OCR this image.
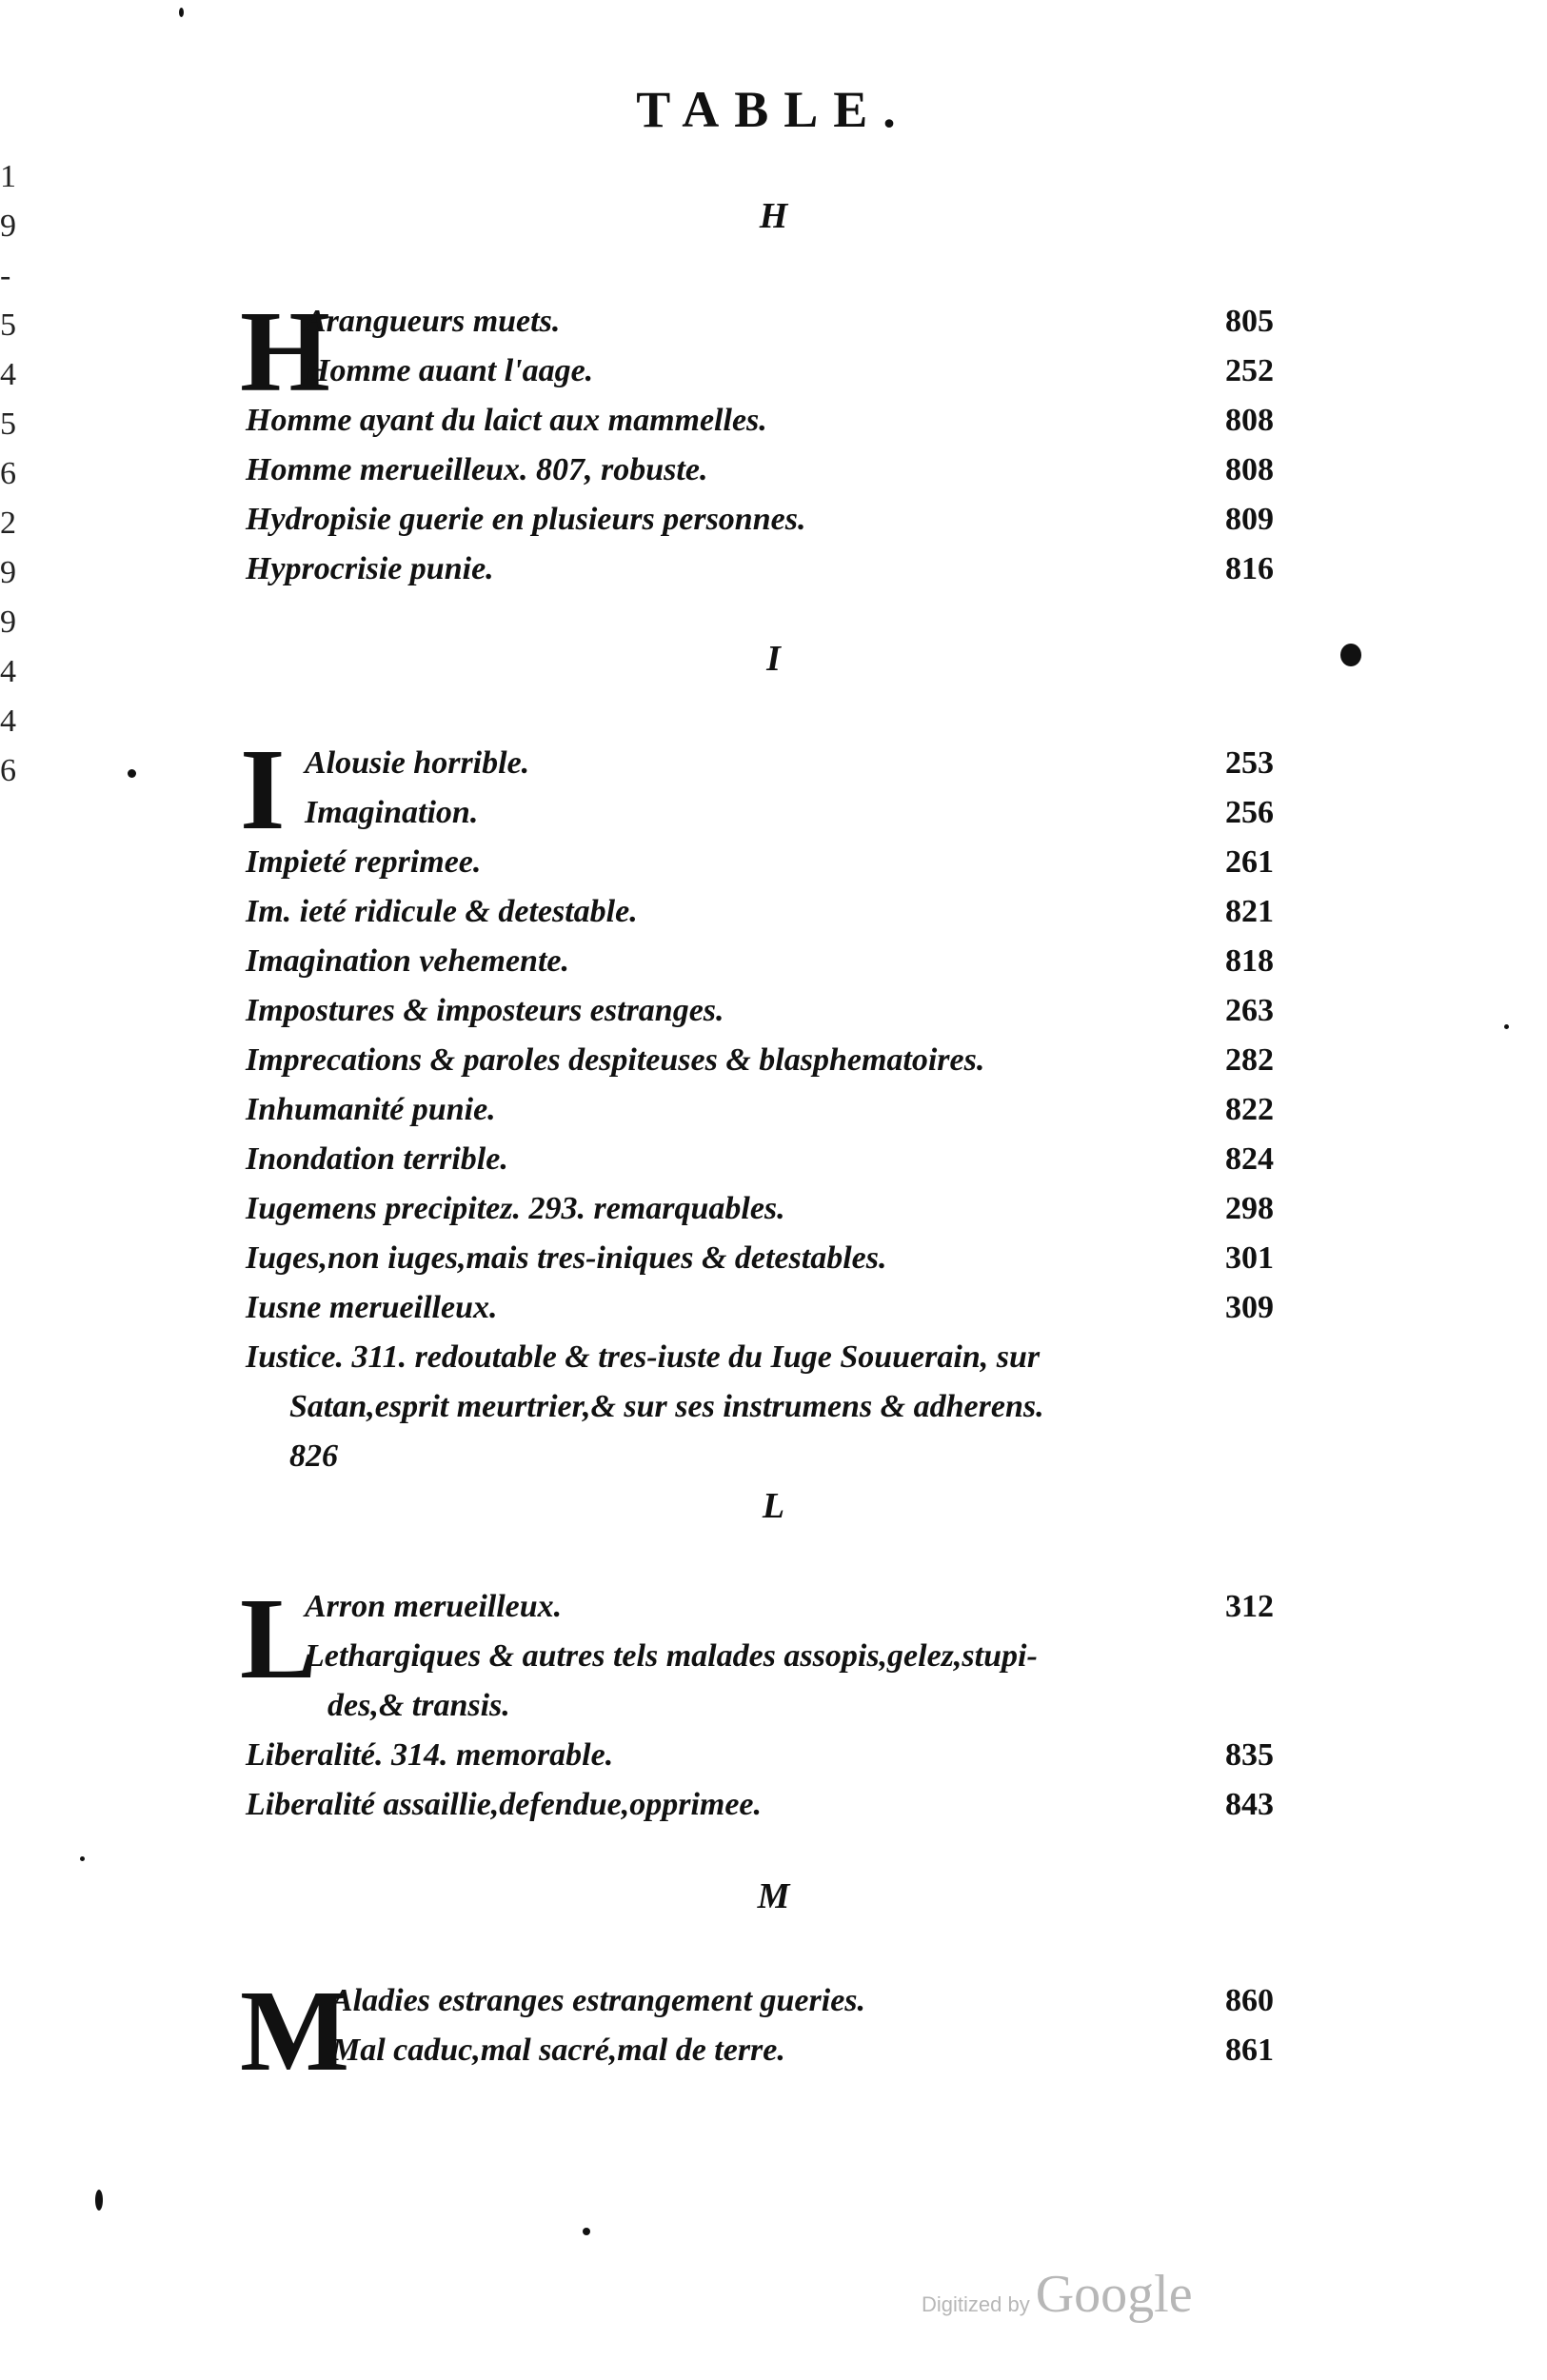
1
9
-
5
4
5
6
2
9
9
4
4
6
TABLE.
H
H
Arangueurs muets.	805
Homme auant l'aage.	252
Homme ayant du laict aux mammelles.	808
Homme merueilleux. 807, robuste.	808
Hydropisie guerie en plusieurs personnes.	809
Hyprocrisie punie.	816
I
I Alousie horrible.	253
Imagination.	256
Impieté reprimee.	261
Im. ieté ridicule & detestable.	821
Imagination vehemente.	818
Impostures & imposteurs estranges.	263
Imprecations & paroles despiteuses & blasphematoires.	282
Inhumanité punie.	822
Inondation terrible.	824
Iugemens precipitez. 293. remarquables.	298
Iuges,non iuges,mais tres-iniques & detestables.	301
Iusne merueilleux.	309
Iustice. 311. redoutable & tres-iuste du Iuge Souuerain, sur
Satan,esprit meurtrier,& sur ses instrumens & adherens.
826
L
L
Arron merueilleux.	312
Lethargiques & autres tels malades assopis,gelez,stupi-
des,& transis.
Liberalité. 314. memorable.	835
Liberalité assaillie,defendue,opprimee.	843
M
M
Aladies estranges estrangement gueries.	860
Mal caduc,mal sacré,mal de terre.	861
Digitized by Google
